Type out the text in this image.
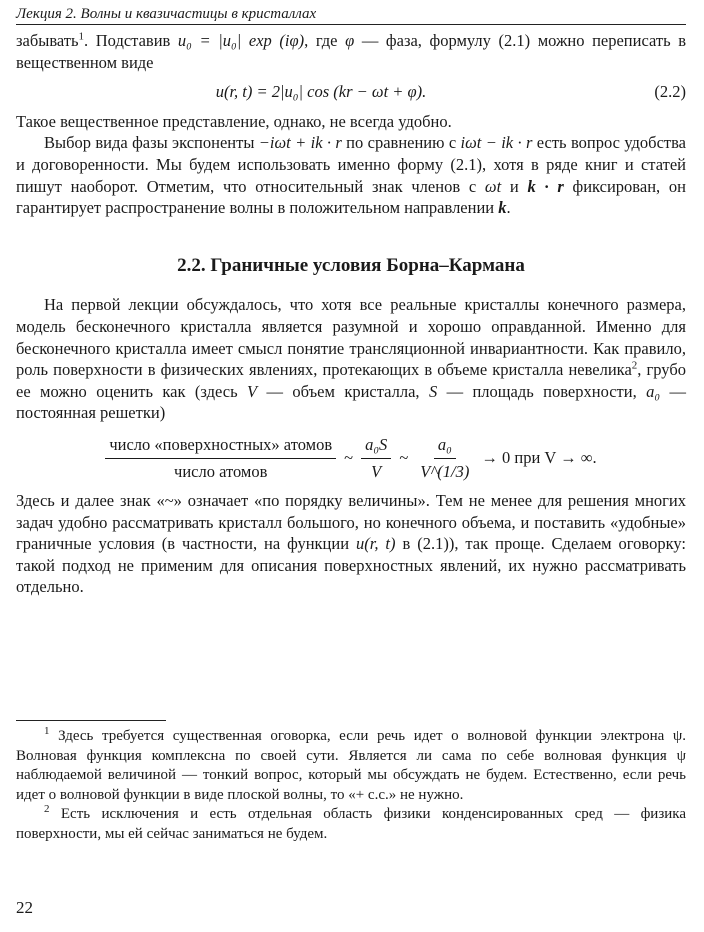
Лекция 2. Волны и квазичастицы в кристаллах

забывать$^1$. Подставив u₀ = |u₀| exp (iφ), где φ — фаза, формулу (2.1) можно переписать в вещественном виде

u(r, t) = 2|u₀| cos (kr − ωt + φ).	(2.2)

Такое вещественное представление, однако, не всегда удобно.

Выбор вида фазы экспоненты −iωt + ik · r по сравнению с iωt − ik · r есть вопрос удобства и договоренности. Мы будем использовать именно форму (2.1), хотя в ряде книг и статей пишут наоборот. Отметим, что относительный знак членов с ωt и k · r фиксирован, он гарантирует распространение волны в положительном направлении k.

2.2. Граничные условия Борна–Кармана

На первой лекции обсуждалось, что хотя все реальные кристаллы конечного размера, модель бесконечного кристалла является разумной и хорошо оправданной. Именно для бесконечного кристалла имеет смысл понятие трансляционной инвариантности. Как правило, роль поверхности в физических явлениях, протекающих в объеме кристалла невелика$^2$, грубо ее можно оценить как (здесь V — объем кристалла, S — площадь поверхности, a₀ — постоянная решетки)

$\frac{\text{число «поверхностных» атомов}}{\text{число атомов}}$ ~ $\frac{\text{a₀S}}{V}$ ~ $\frac{\text{a₀}}{V\^{}(1/3)} \to 0$ при V → ∞.

Здесь и далее знак «~» означает «по порядку величины». Тем не менее для решения многих задач удобно рассматривать кристалл большого, но конечного объема, и поставить «удобные» граничные условия (в частности, на функции u(r, t) в (2.1)), так проще. Сделаем оговорку: такой подход не применим для описания поверхностных явлений, их нужно рассматривать отдельно.

$^1$ Здесь требуется существенная оговорка, если речь идет о волновой функции электрона ψ. Волновая функция комплексна по своей сути. Является ли сама по себе волновая функция ψ наблюдаемой величиной — тонкий вопрос, который мы обсуждать не будем. Естественно, если речь идет о волновой функции в виде плоской волны, то «+ c.c.» не нужно.

$^2$ Есть исключения и есть отдельная область физики конденсированных сред — физика поверхности, мы ей сейчас заниматься не будем.

22
